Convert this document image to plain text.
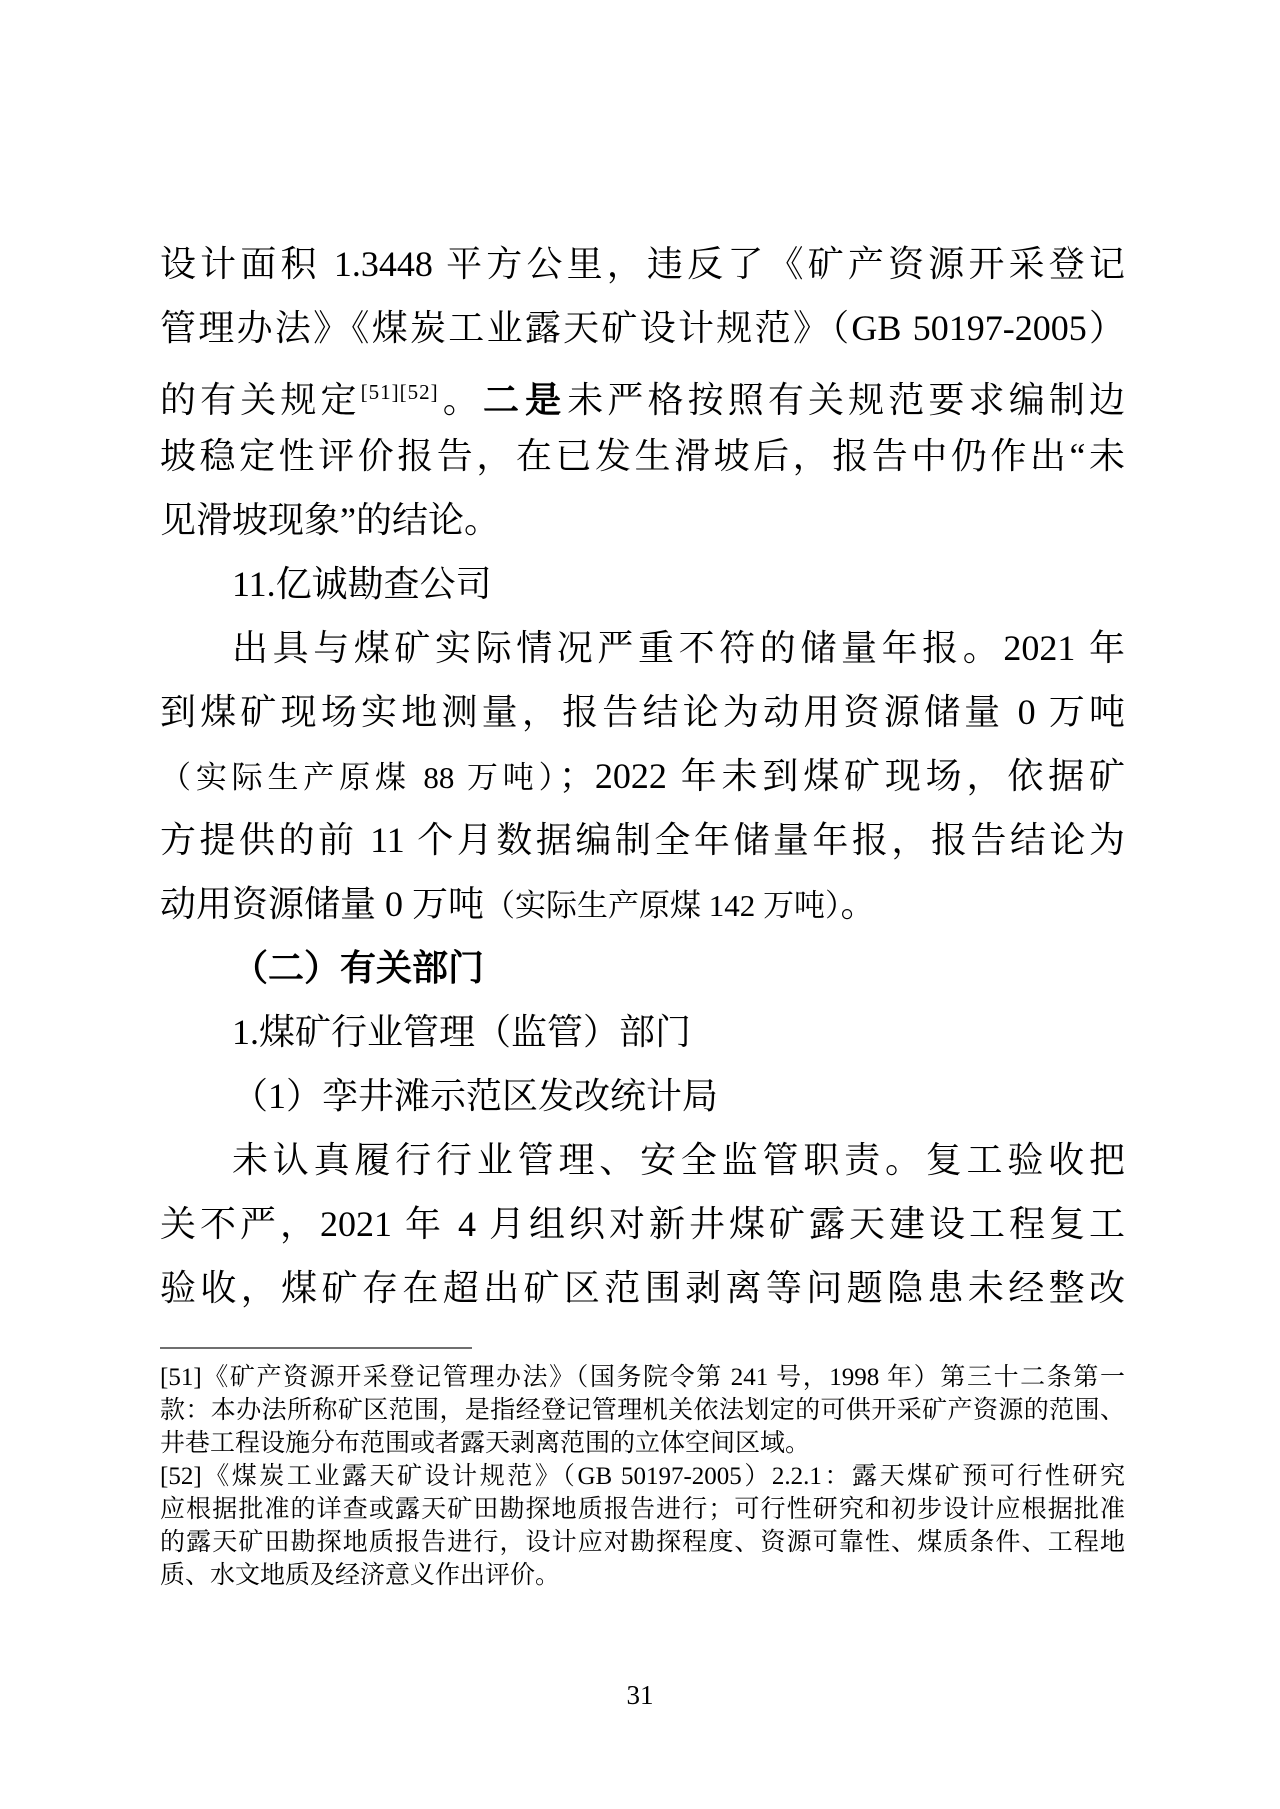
设计面积 1.3448 平方公里，违反了《矿产资源开采登记
管理办法》《煤炭工业露天矿设计规范》（GB 50197-2005）
的有关规定[51][52]。二是未严格按照有关规范要求编制边
坡稳定性评价报告，在已发生滑坡后，报告中仍作出“未
见滑坡现象”的结论。
11.亿诚勘查公司
出具与煤矿实际情况严重不符的储量年报。2021 年
到煤矿现场实地测量，报告结论为动用资源储量 0 万吨
（实际生产原煤 88 万吨）；2022 年未到煤矿现场，依据矿
方提供的前 11 个月数据编制全年储量年报，报告结论为
动用资源储量 0 万吨（实际生产原煤 142 万吨）。
（二）有关部门
1.煤矿行业管理（监管）部门
（1）孪井滩示范区发改统计局
未认真履行行业管理、安全监管职责。复工验收把
关不严，2021 年 4 月组织对新井煤矿露天建设工程复工
验收，煤矿存在超出矿区范围剥离等问题隐患未经整改
[51]《矿产资源开采登记管理办法》（国务院令第 241 号，1998 年）第三十二条第一
款：本办法所称矿区范围，是指经登记管理机关依法划定的可供开采矿产资源的范围、
井巷工程设施分布范围或者露天剥离范围的立体空间区域。
[52]《煤炭工业露天矿设计规范》（GB 50197-2005）2.2.1：露天煤矿预可行性研究
应根据批准的详查或露天矿田勘探地质报告进行；可行性研究和初步设计应根据批准
的露天矿田勘探地质报告进行，设计应对勘探程度、资源可靠性、煤质条件、工程地
质、水文地质及经济意义作出评价。
31
